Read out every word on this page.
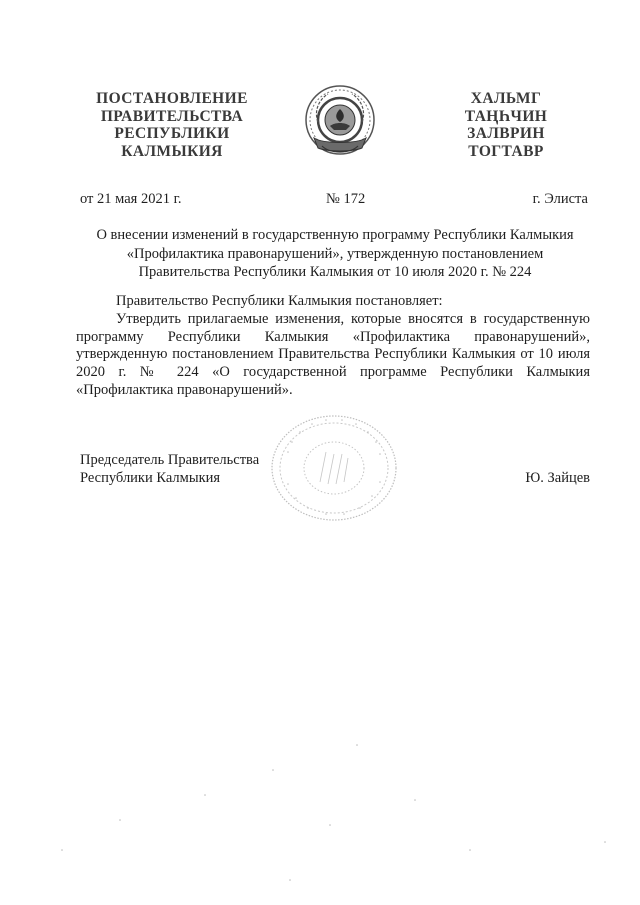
ПОСТАНОВЛЕНИЕ
ПРАВИТЕЛЬСТВА
РЕСПУБЛИКИ
КАЛМЫКИЯ
ХАЛЬМГ
ТАҢҺЧИН
ЗАЛВРИН
ТОГТАВР
от 21 мая 2021 г.	№ 172	г. Элиста
О внесении изменений в государственную программу Республики Калмыкия
«Профилактика правонарушений», утвержденную постановлением
Правительства Республики Калмыкия от 10 июля 2020 г. № 224
Правительство Республики Калмыкия постановляет:
Утвердить прилагаемые изменения, которые вносятся в государственную программу Республики Калмыкия «Профилактика правонарушений», утвержденную постановлением Правительства Республики Калмыкия от 10 июля 2020 г. № 224 «О государственной программе Республики Калмыкия «Профилактика правонарушений».
Председатель Правительства
Республики Калмыкия	Ю. Зайцев
